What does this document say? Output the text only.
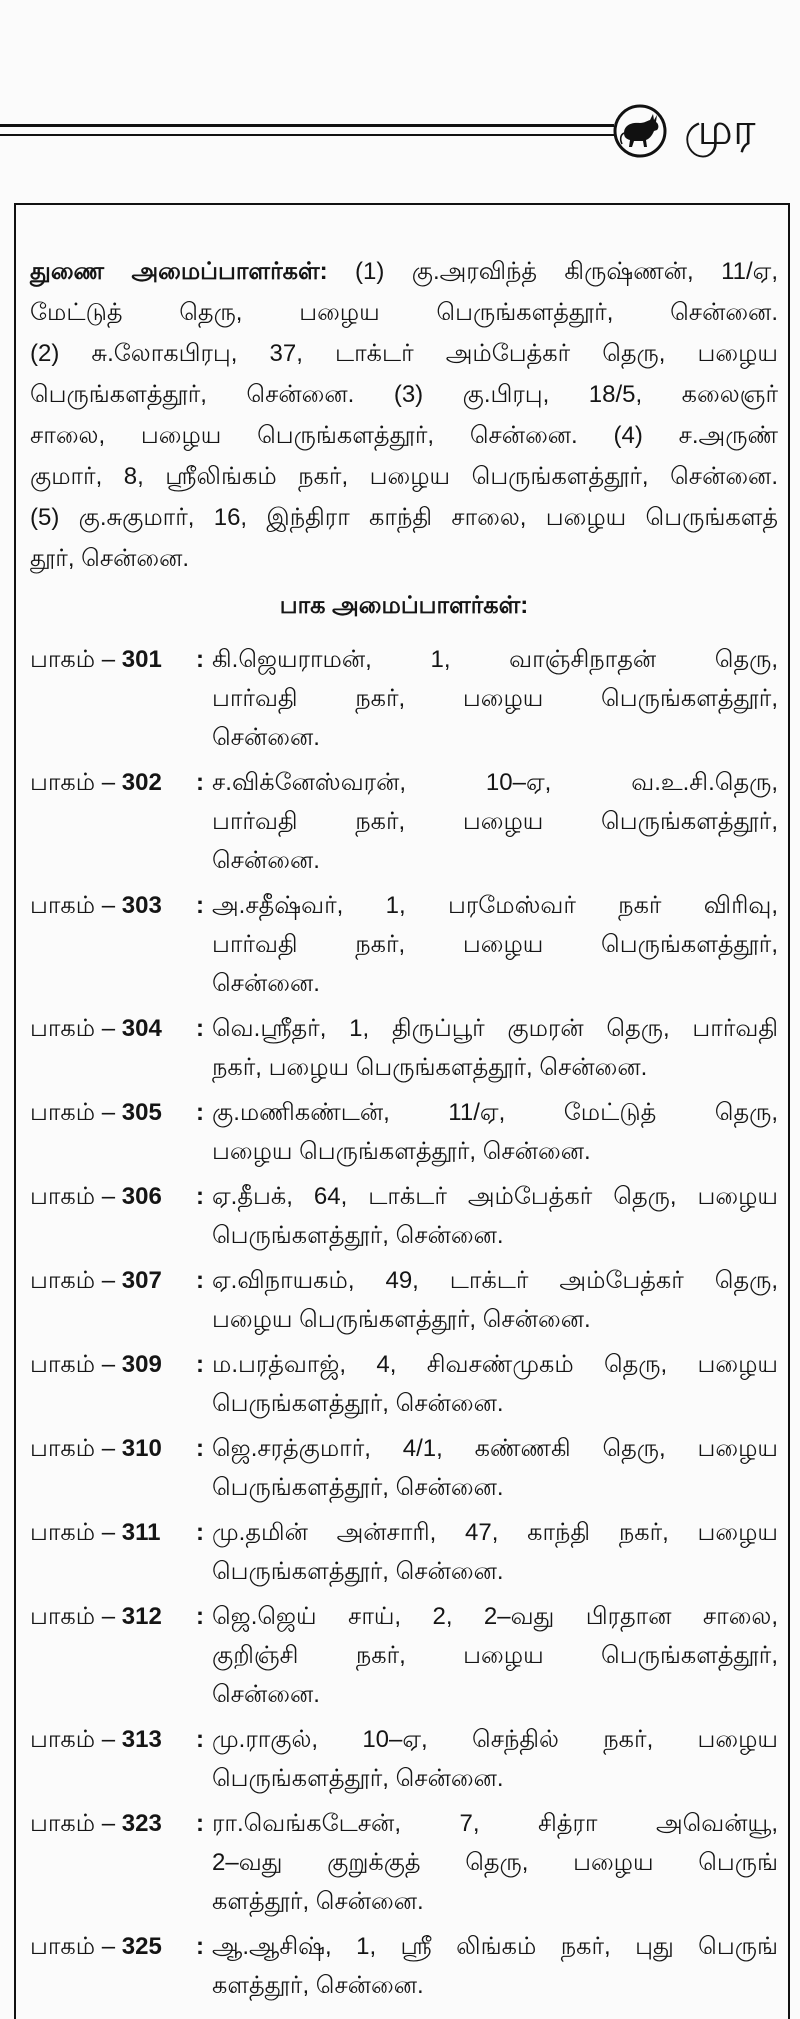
முர
துணை அமைப்பாளர்கள்: (1) கு.அரவிந்த் கிருஷ்ணன், 11/ஏ,
மேட்டுத் தெரு, பழைய பெருங்களத்தூர், சென்னை.
(2) சு.லோகபிரபு, 37, டாக்டர் அம்பேத்கர் தெரு, பழைய
பெருங்களத்தூர், சென்னை. (3) கு.பிரபு, 18/5, கலைஞர்
சாலை, பழைய பெருங்களத்தூர், சென்னை. (4) ச.அருண்
குமார், 8, ஸ்ரீலிங்கம் நகர், பழைய பெருங்களத்தூர், சென்னை.
(5) கு.சுகுமார், 16, இந்திரா காந்தி சாலை, பழைய பெருங்களத்
தூர், சென்னை.
பாக அமைப்பாளர்கள்:
பாகம் – 301	: கி.ஜெயராமன், 1, வாஞ்சிநாதன் தெரு,
பார்வதி நகர், பழைய பெருங்களத்தூர்,
சென்னை.
பாகம் – 302	: ச.விக்னேஸ்வரன், 10–ஏ, வ.உ.சி.தெரு,
பார்வதி நகர், பழைய பெருங்களத்தூர்,
சென்னை.
பாகம் – 303	: அ.சதீஷ்வர், 1, பரமேஸ்வர் நகர் விரிவு,
பார்வதி நகர், பழைய பெருங்களத்தூர்,
சென்னை.
பாகம் – 304	: வெ.ஸ்ரீதர், 1, திருப்பூர் குமரன் தெரு, பார்வதி
நகர், பழைய பெருங்களத்தூர், சென்னை.
பாகம் – 305	: கு.மணிகண்டன், 11/ஏ, மேட்டுத் தெரு,
பழைய பெருங்களத்தூர், சென்னை.
பாகம் – 306	: ஏ.தீபக், 64, டாக்டர் அம்பேத்கர் தெரு, பழைய
பெருங்களத்தூர், சென்னை.
பாகம் – 307	: ஏ.விநாயகம், 49, டாக்டர் அம்பேத்கர் தெரு,
பழைய பெருங்களத்தூர், சென்னை.
பாகம் – 309	: ம.பரத்வாஜ், 4, சிவசண்முகம் தெரு, பழைய
பெருங்களத்தூர், சென்னை.
பாகம் – 310	: ஜெ.சரத்குமார், 4/1, கண்ணகி தெரு, பழைய
பெருங்களத்தூர், சென்னை.
பாகம் – 311	: மு.தமின் அன்சாரி, 47, காந்தி நகர், பழைய
பெருங்களத்தூர், சென்னை.
பாகம் – 312	: ஜெ.ஜெய் சாய், 2, 2–வது பிரதான சாலை,
குறிஞ்சி நகர், பழைய பெருங்களத்தூர்,
சென்னை.
பாகம் – 313	: மு.ராகுல், 10–ஏ, செந்தில் நகர், பழைய
பெருங்களத்தூர், சென்னை.
பாகம் – 323	: ரா.வெங்கடேசன், 7, சித்ரா அவென்யூ,
2–வது குறுக்குத் தெரு, பழைய பெருங்
களத்தூர், சென்னை.
பாகம் – 325	: ஆ.ஆசிஷ், 1, ஸ்ரீ லிங்கம் நகர், புது பெருங்
களத்தூர், சென்னை.
